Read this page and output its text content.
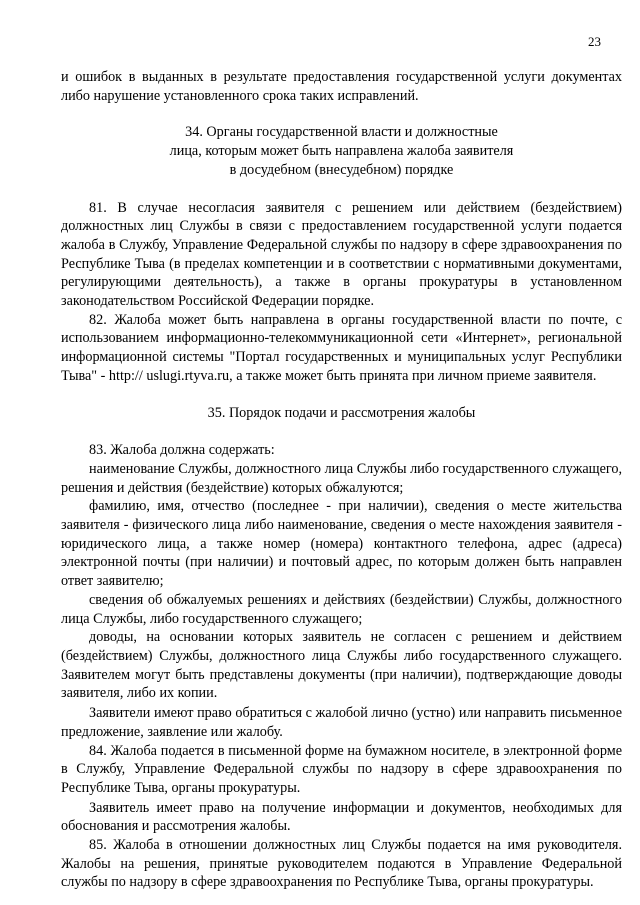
23

и ошибок в выданных в результате предоставления государственной услуги документах либо нарушение установленного срока таких исправлений.

34. Органы государственной власти и должностные лица, которым может быть направлена жалоба заявителя в досудебном (внесудебном) порядке

81. В случае несогласия заявителя с решением или действием (бездействием) должностных лиц Службы в связи с предоставлением государственной услуги подается жалоба в Службу, Управление Федеральной службы по надзору в сфере здравоохранения по Республике Тыва (в пределах компетенции и в соответствии с нормативными документами, регулирующими деятельность), а также в органы прокуратуры в установленном законодательством Российской Федерации порядке.

82. Жалоба может быть направлена в органы государственной власти по почте, с использованием информационно-телекоммуникационной сети «Интернет», региональной информационной системы "Портал государственных и муниципальных услуг Республики Тыва" - http:// uslugi.rtyva.ru, а также может быть принята при личном приеме заявителя.

35. Порядок подачи и рассмотрения жалобы

83. Жалоба должна содержать:

наименование Службы, должностного лица Службы либо государственного служащего, решения и действия (бездействие) которых обжалуются;

фамилию, имя, отчество (последнее - при наличии), сведения о месте жительства заявителя - физического лица либо наименование, сведения о месте нахождения заявителя - юридического лица, а также номер (номера) контактного телефона, адрес (адреса) электронной почты (при наличии) и почтовый адрес, по которым должен быть направлен ответ заявителю;

сведения об обжалуемых решениях и действиях (бездействии) Службы, должностного лица Службы, либо государственного служащего;

доводы, на основании которых заявитель не согласен с решением и действием (бездействием) Службы, должностного лица Службы либо государственного служащего. Заявителем могут быть представлены документы (при наличии), подтверждающие доводы заявителя, либо их копии.

Заявители имеют право обратиться с жалобой лично (устно) или направить письменное предложение, заявление или жалобу.

84. Жалоба подается в письменной форме на бумажном носителе, в электронной форме в Службу, Управление Федеральной службы по надзору в сфере здравоохранения по Республике Тыва, органы прокуратуры.

Заявитель имеет право на получение информации и документов, необходимых для обоснования и рассмотрения жалобы.

85. Жалоба в отношении должностных лиц Службы подается на имя руководителя. Жалобы на решения, принятые руководителем подаются в Управление Федеральной службы по надзору в сфере здравоохранения по Республике Тыва, органы прокуратуры.
